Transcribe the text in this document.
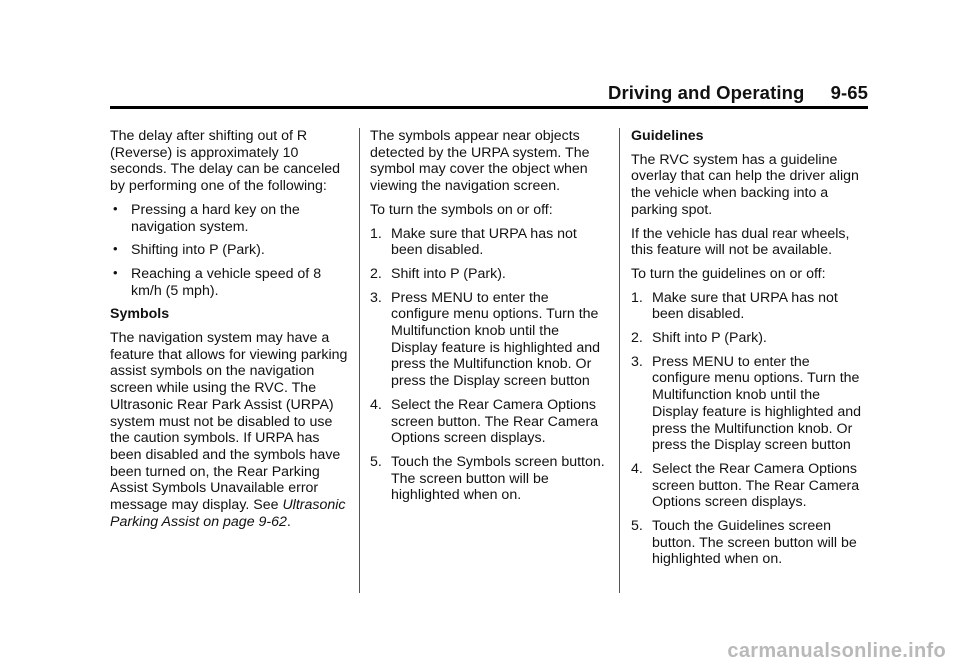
Driving and Operating     9-65

The delay after shifting out of R (Reverse) is approximately 10 seconds. The delay can be canceled by performing one of the following:

• Pressing a hard key on the navigation system.
• Shifting into P (Park).
• Reaching a vehicle speed of 8 km/h (5 mph).

Symbols

The navigation system may have a feature that allows for viewing parking assist symbols on the navigation screen while using the RVC. The Ultrasonic Rear Park Assist (URPA) system must not be disabled to use the caution symbols. If URPA has been disabled and the symbols have been turned on, the Rear Parking Assist Symbols Unavailable error message may display. See Ultrasonic Parking Assist on page 9-62.

The symbols appear near objects detected by the URPA system. The symbol may cover the object when viewing the navigation screen.

To turn the symbols on or off:

1. Make sure that URPA has not been disabled.
2. Shift into P (Park).
3. Press MENU to enter the configure menu options. Turn the Multifunction knob until the Display feature is highlighted and press the Multifunction knob. Or press the Display screen button
4. Select the Rear Camera Options screen button. The Rear Camera Options screen displays.
5. Touch the Symbols screen button. The screen button will be highlighted when on.

Guidelines

The RVC system has a guideline overlay that can help the driver align the vehicle when backing into a parking spot.

If the vehicle has dual rear wheels, this feature will not be available.

To turn the guidelines on or off:

1. Make sure that URPA has not been disabled.
2. Shift into P (Park).
3. Press MENU to enter the configure menu options. Turn the Multifunction knob until the Display feature is highlighted and press the Multifunction knob. Or press the Display screen button
4. Select the Rear Camera Options screen button. The Rear Camera Options screen displays.
5. Touch the Guidelines screen button. The screen button will be highlighted when on.
carmanualsonline.info
